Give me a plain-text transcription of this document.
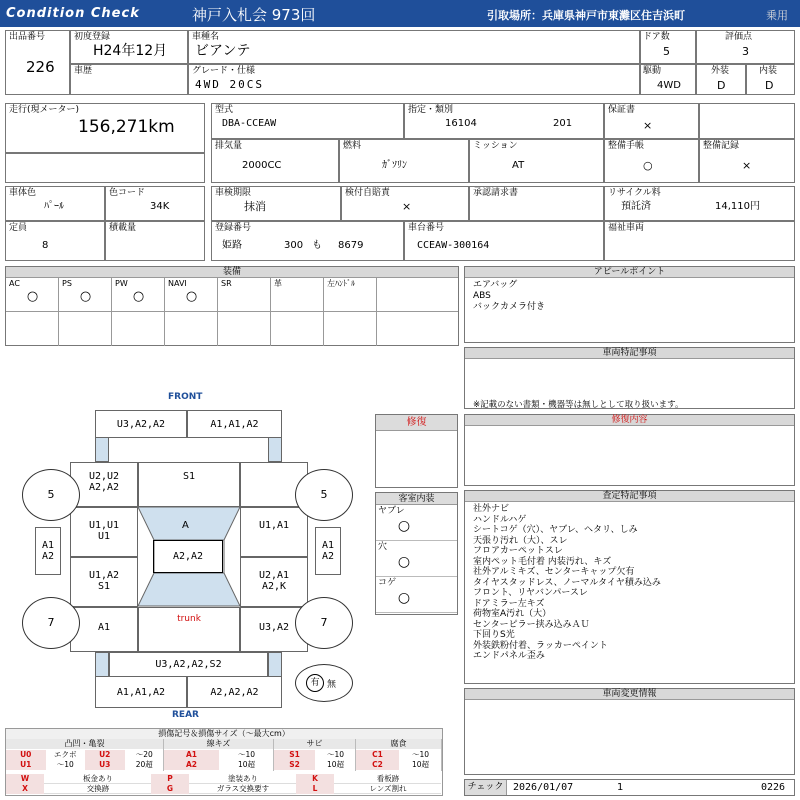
Condition Check	神戸入札会 973回	引取場所：兵庫県神戸市東灘区住吉浜町	乗用
出品番号
226
初度登録
H24年12月
車歴
車種名
ビアンテ
グレード・仕様
4WD 20CS
ドア数
5
評価点
3
駆動
4WD
外装
D
内装
D
走行(現メーター)
156,271km
型式
DBA-CCEAW
指定・類別
16104	201
排気量
2000CC
燃料
ｶﾞｿﾘﾝ
ミッション
AT
保証書
×
整備手帳
○
整備記録
×
車体色
ﾊﾟｰﾙ
色コード
34K
定員
8
積載量
車検期限
抹消
検付自賠責
×
承認請求書
登録番号
姫路	300 も 8679
車台番号
CCEAW-300164
リサイクル料
預託済	14,110円
福祉車両
装備
AC
○
PS
○
PW
○
NAVI
○
SR	革	左ﾊﾝﾄﾞﾙ
アピールポイント
エアバッグ
ABS
バックカメラ付き
車両特記事項
※記載のない書類・機器等は無しとして取り扱います。
修復	修復内容
客室内装
ヤブレ
○
穴
○
コゲ
○
査定特記事項
社外ナビ
ハンドルハゲ
シートコゲ（穴）、ヤブレ、ヘタリ、しみ
天張り汚れ（大）、スレ
フロアカーペットスレ
室内ペット毛付着 内装汚れ、キズ
社外アルミキズ、センターキャップ欠有
タイヤスタッドレス、ノーマルタイヤ積み込み
フロント、リヤバンパースレ
ドアミラー左キズ
荷物室A汚れ（大）
センターピラー挟み込みＡＵ
下回りS光
外装鉄粉付着、ラッカーペイント
エンドパネル歪み
車両変更情報
チェック 2026/01/07	1	0226
FRONT
REAR
U3,A2,A2	A1,A1,A2
U2,U2
A2,A2
S1
A
A2,A2
U1,U1
U1
U1,A1
U1,A2
S1
U2,A1
A2,K
A1
A2
A1
A2
A1
trunk
U3,A2
U3,A2,A2,S2
A1,A1,A2	A2,A2,A2
5	5
7	7
有 無
損傷記号＆損傷サイズ（～最大cm）
凸凹・亀裂
U0	エクボ	U2	～20
U1	～10	U3	20超
線キズ
A1	～10
A2	10超
サビ
S1	～10
S2	10超
腐食
C1	～10
C2	10超
W	板金あり	P	塗装あり	K	看板跡
X	交換跡	G	ガラス交換要す	L	レンズ割れ
